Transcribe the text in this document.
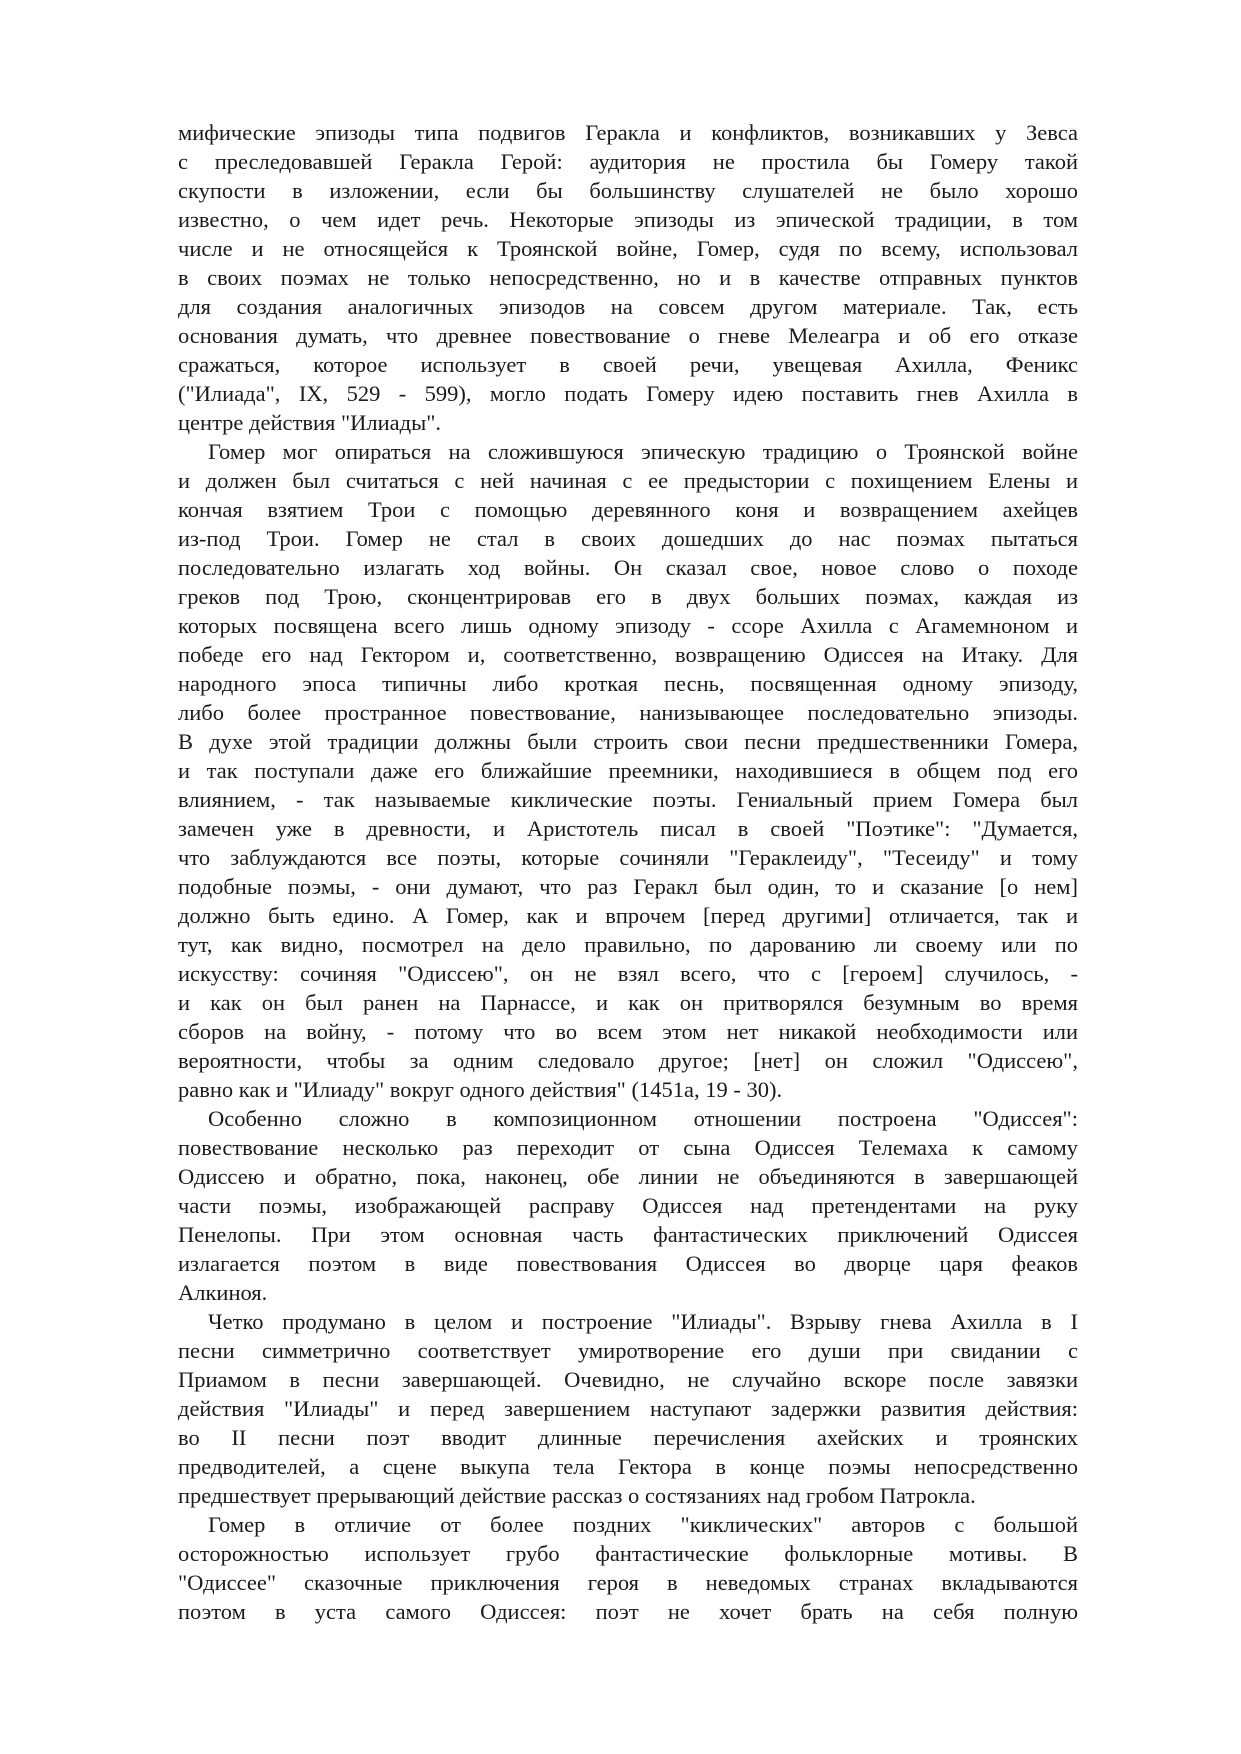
мифические эпизоды типа подвигов Геракла и конфликтов, возникавших у Зевса
с преследовавшей Геракла Герой: аудитория не простила бы Гомеру такой
скупости в изложении, если бы большинству слушателей не было хорошо
известно, о чем идет речь. Некоторые эпизоды из эпической традиции, в том
числе и не относящейся к Троянской войне, Гомер, судя по всему, использовал
в своих поэмах не только непосредственно, но и в качестве отправных пунктов
для создания аналогичных эпизодов на совсем другом материале. Так, есть
основания думать, что древнее повествование о гневе Мелеагра и об его отказе
сражаться, которое использует в своей речи, увещевая Ахилла, Феникс
("Илиада", IX, 529 - 599), могло подать Гомеру идею поставить гнев Ахилла в
центре действия "Илиады".
Гомер мог опираться на сложившуюся эпическую традицию о Троянской войне
и должен был считаться с ней начиная с ее предыстории с похищением Елены и
кончая взятием Трои с помощью деревянного коня и возвращением ахейцев
из-под Трои. Гомер не стал в своих дошедших до нас поэмах пытаться
последовательно излагать ход войны. Он сказал свое, новое слово о походе
греков под Трою, сконцентрировав его в двух больших поэмах, каждая из
которых посвящена всего лишь одному эпизоду - ссоре Ахилла с Агамемноном и
победе его над Гектором и, соответственно, возвращению Одиссея на Итаку. Для
народного эпоса типичны либо кроткая песнь, посвященная одному эпизоду,
либо более пространное повествование, нанизывающее последовательно эпизоды.
В духе этой традиции должны были строить свои песни предшественники Гомера,
и так поступали даже его ближайшие преемники, находившиеся в общем под его
влиянием, - так называемые киклические поэты. Гениальный прием Гомера был
замечен уже в древности, и Аристотель писал в своей "Поэтике": "Думается,
что заблуждаются все поэты, которые сочиняли "Гераклеиду", "Тесеиду" и тому
подобные поэмы, - они думают, что раз Геракл был один, то и сказание [о нем]
должно быть едино. А Гомер, как и впрочем [перед другими] отличается, так и
тут, как видно, посмотрел на дело правильно, по дарованию ли своему или по
искусству: сочиняя "Одиссею", он не взял всего, что с [героем] случилось, -
и как он был ранен на Парнассе, и как он притворялся безумным во время
сборов на войну, - потому что во всем этом нет никакой необходимости или
вероятности, чтобы за одним следовало другое; [нет] он сложил "Одиссею",
равно как и "Илиаду" вокруг одного действия" (1451a, 19 - 30).
Особенно сложно в композиционном отношении построена "Одиссея":
повествование несколько раз переходит от сына Одиссея Телемаха к самому
Одиссею и обратно, пока, наконец, обе линии не объединяются в завершающей
части поэмы, изображающей расправу Одиссея над претендентами на руку
Пенелопы. При этом основная часть фантастических приключений Одиссея
излагается поэтом в виде повествования Одиссея во дворце царя феаков
Алкиноя.
Четко продумано в целом и построение "Илиады". Взрыву гнева Ахилла в I
песни симметрично соответствует умиротворение его души при свидании с
Приамом в песни завершающей. Очевидно, не случайно вскоре после завязки
действия "Илиады" и перед завершением наступают задержки развития действия:
во II песни поэт вводит длинные перечисления ахейских и троянских
предводителей, а сцене выкупа тела Гектора в конце поэмы непосредственно
предшествует прерывающий действие рассказ о состязаниях над гробом Патрокла.
Гомер в отличие от более поздних "киклических" авторов с большой
осторожностью использует грубо фантастические фольклорные мотивы. В
"Одиссее" сказочные приключения героя в неведомых странах вкладываются
поэтом в уста самого Одиссея: поэт не хочет брать на себя полную
